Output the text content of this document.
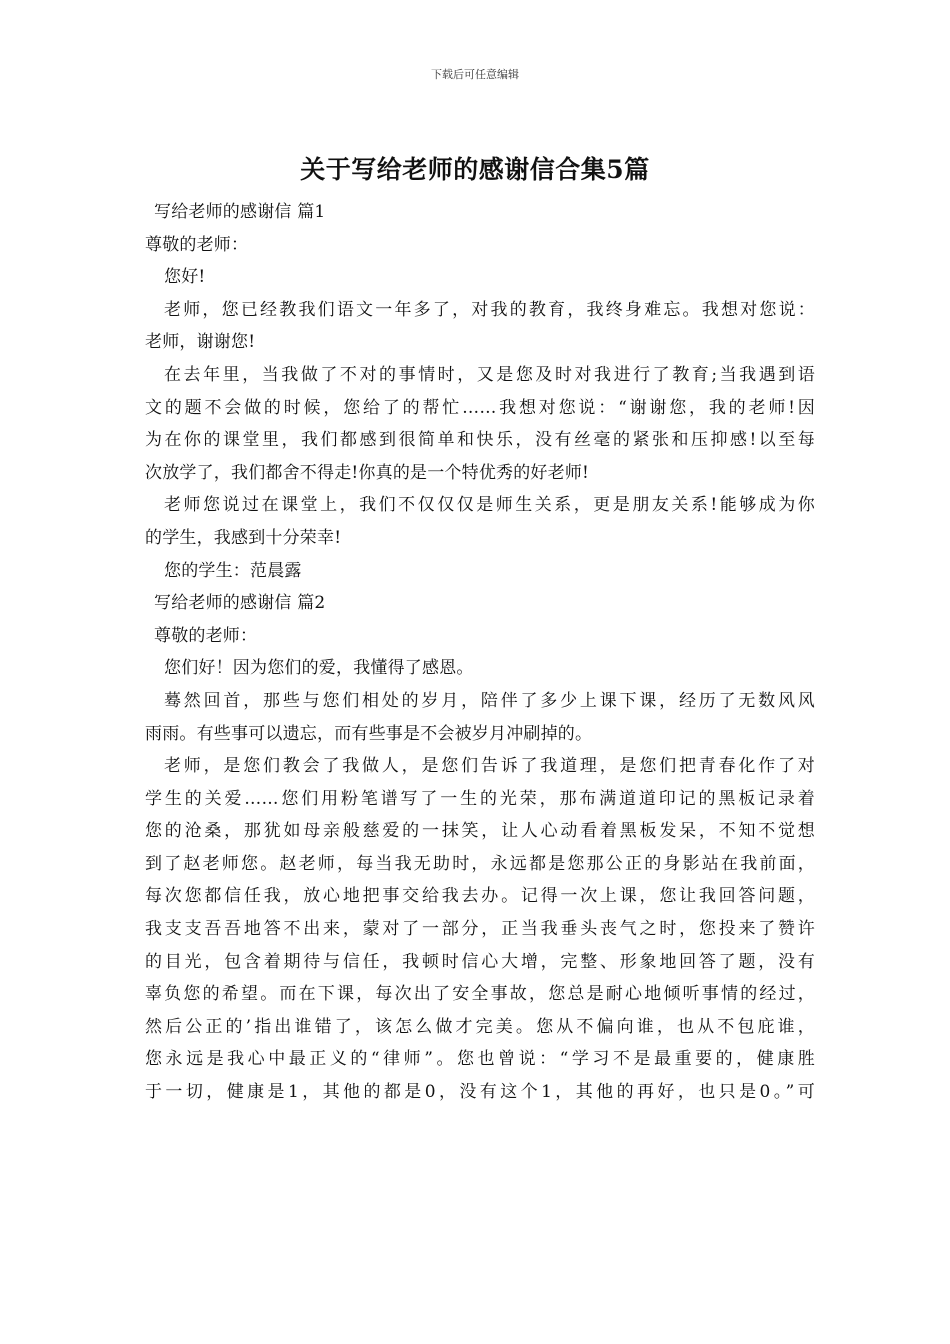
下载后可任意编辑
关于写给老师的感谢信合集5篇
写给老师的感谢信 篇1
尊敬的老师：
您好!
老师，您已经教我们语文一年多了，对我的教育，我终身难忘。我想对您说：
老师，谢谢您!
在去年里，当我做了不对的事情时，又是您及时对我进行了教育;当我遇到语
文的题不会做的时候，您给了的帮忙……我想对您说：“谢谢您，我的老师!因
为在你的课堂里，我们都感到很简单和快乐，没有丝毫的紧张和压抑感!以至每
次放学了，我们都舍不得走!你真的是一个特优秀的好老师!
老师您说过在课堂上，我们不仅仅仅是师生关系，更是朋友关系!能够成为你
的学生，我感到十分荣幸!
您的学生：范晨露
写给老师的感谢信 篇2
尊敬的老师：
您们好！因为您们的爱，我懂得了感恩。
蓦然回首，那些与您们相处的岁月，陪伴了多少上课下课，经历了无数风风
雨雨。有些事可以遗忘，而有些事是不会被岁月冲刷掉的。
老师，是您们教会了我做人，是您们告诉了我道理，是您们把青春化作了对
学生的关爱……您们用粉笔谱写了一生的光荣，那布满道道印记的黑板记录着
您的沧桑，那犹如母亲般慈爱的一抹笑，让人心动看着黑板发呆，不知不觉想
到了赵老师您。赵老师，每当我无助时，永远都是您那公正的身影站在我前面，
每次您都信任我，放心地把事交给我去办。记得一次上课，您让我回答问题，
我支支吾吾地答不出来，蒙对了一部分，正当我垂头丧气之时，您投来了赞许
的目光，包含着期待与信任，我顿时信心大增，完整、形象地回答了题，没有
辜负您的希望。而在下课，每次出了安全事故，您总是耐心地倾听事情的经过，
然后公正的’指出谁错了，该怎么做才完美。您从不偏向谁，也从不包庇谁，
您永远是我心中最正义的“律师”。您也曾说：“学习不是最重要的，健康胜
于一切，健康是1，其他的都是0，没有这个1，其他的再好，也只是0。”可
